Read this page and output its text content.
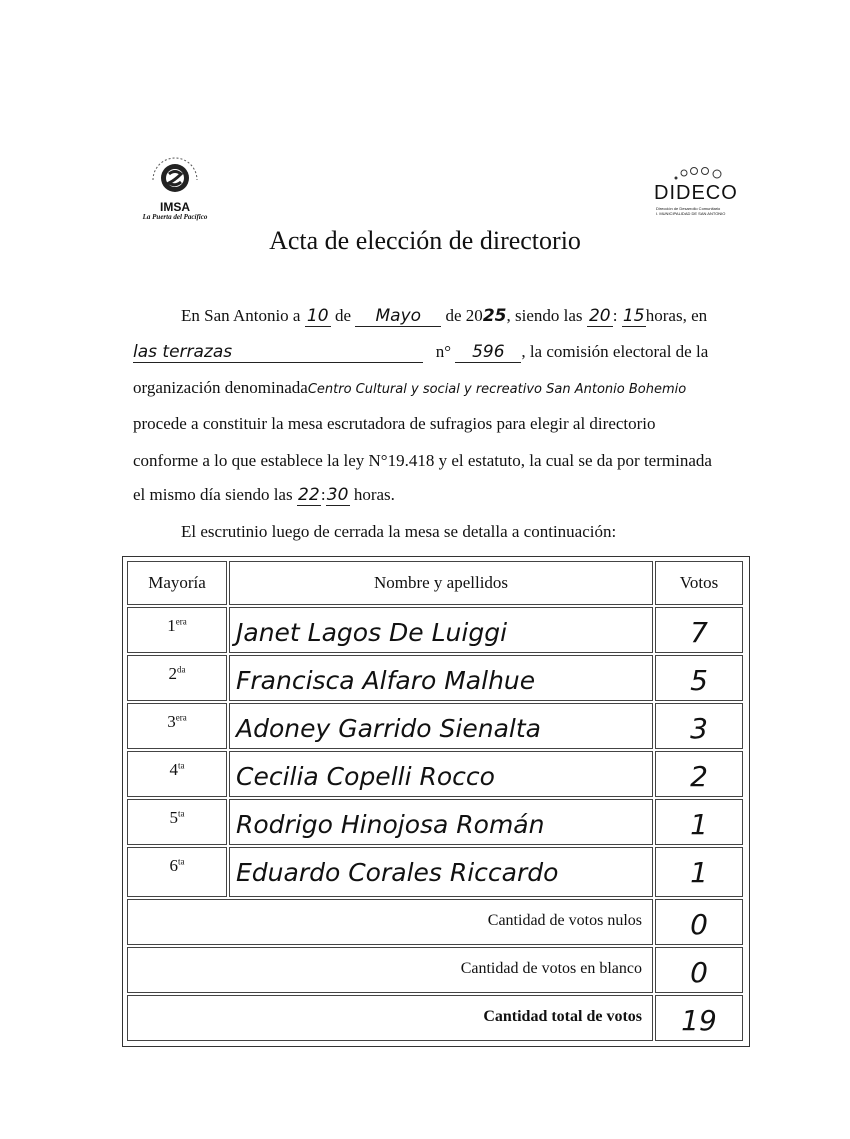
IMSA
La Puerta del Pacífico
DIDECO
Dirección de Desarrollo Comunitario
I. MUNICIPALIDAD DE SAN ANTONIO
Acta de elección de directorio
En San Antonio a 10 de Mayo de 2025, siendo las 20 : 15horas, en
las terrazas	n° 596 , la comisión electoral de la
organización denominadaCentro Cultural y social y recreativo San Antonio Bohemio
procede a constituir la mesa escrutadora de sufragios para elegir al directorio
conforme a lo que establece la ley N°19.418 y el estatuto, la cual se da por terminada
el mismo día siendo las 22:30 horas.
El escrutinio luego de cerrada la mesa se detalla a continuación:
Mayoría	Nombre y apellidos	Votos
$1^{era}$	Janet Lagos De Luiggi	7
$2^{da}$	Francisca Alfaro Malhue	5
$3^{era}$	Adoney Garrido Sienalta	3
$4^{ta}$	Cecilia Copelli Rocco	2
$5^{ta}$	Rodrigo Hinojosa Román	1
$6^{ta}$	Eduardo Corales Riccardo	1
Cantidad de votos nulos	0
Cantidad de votos en blanco	0
Cantidad total de votos	19
